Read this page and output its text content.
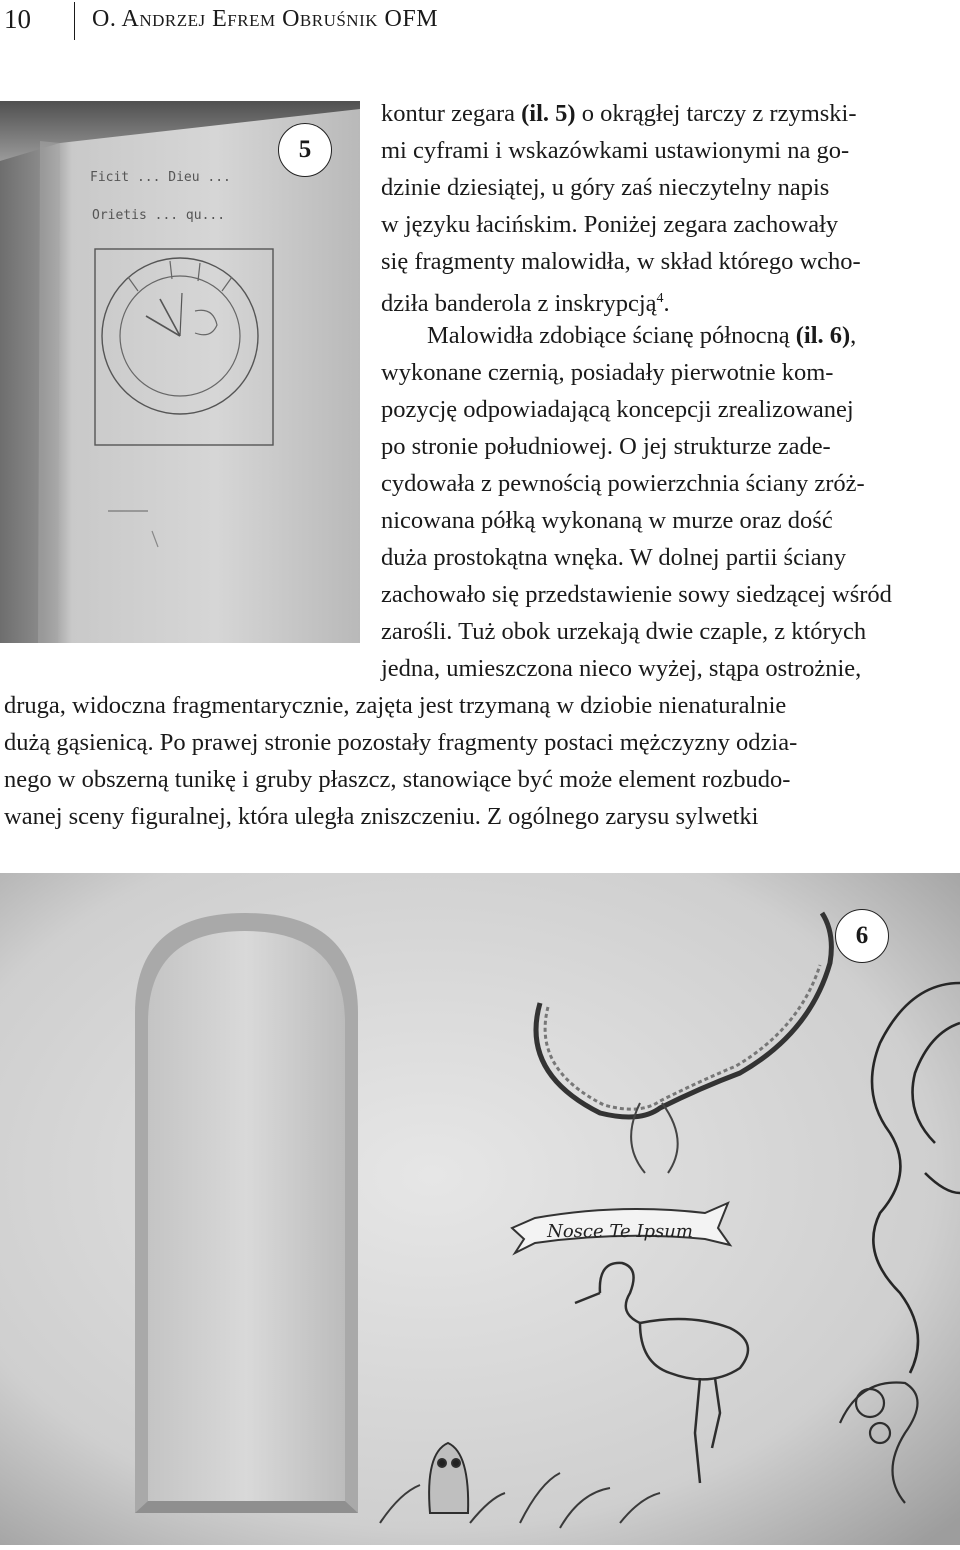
10	O. Andrzej Efrem Obruśnik OFM
Ficit ... Dieu ...
Orietis ... qu...
5
kontur zegara (il. 5) o okrągłej tarczy z rzymski-
mi cyframi i wskazówkami ustawionymi na go-
dzinie dziesiątej, u góry zaś nieczytelny napis
w języku łacińskim. Poniżej zegara zachowały
się fragmenty malowidła, w skład którego wcho-
dziła banderola z inskrypcją$^4$.
Malowidła zdobiące ścianę północną (il. 6),
wykonane czernią, posiadały pierwotnie kom-
pozycję odpowiadającą koncepcji zrealizowanej
po stronie południowej. O jej strukturze zade-
cydowała z pewnością powierzchnia ściany zróż-
nicowana półką wykonaną w murze oraz dość
duża prostokątna wnęka. W dolnej partii ściany
zachowało się przedstawienie sowy siedzącej wśród
zarośli. Tuż obok urzekają dwie czaple, z których
jedna, umieszczona nieco wyżej, stąpa ostrożnie,
druga, widoczna fragmentarycznie, zajęta jest trzymaną w dziobie nienaturalnie
dużą gąsienicą. Po prawej stronie pozostały fragmenty postaci mężczyzny odzia-
nego w obszerną tunikę i gruby płaszcz, stanowiące być może element rozbudo-
wanej sceny figuralnej, która uległa zniszczeniu. Z ogólnego zarysu sylwetki
Nosce Te Ipsum
6
